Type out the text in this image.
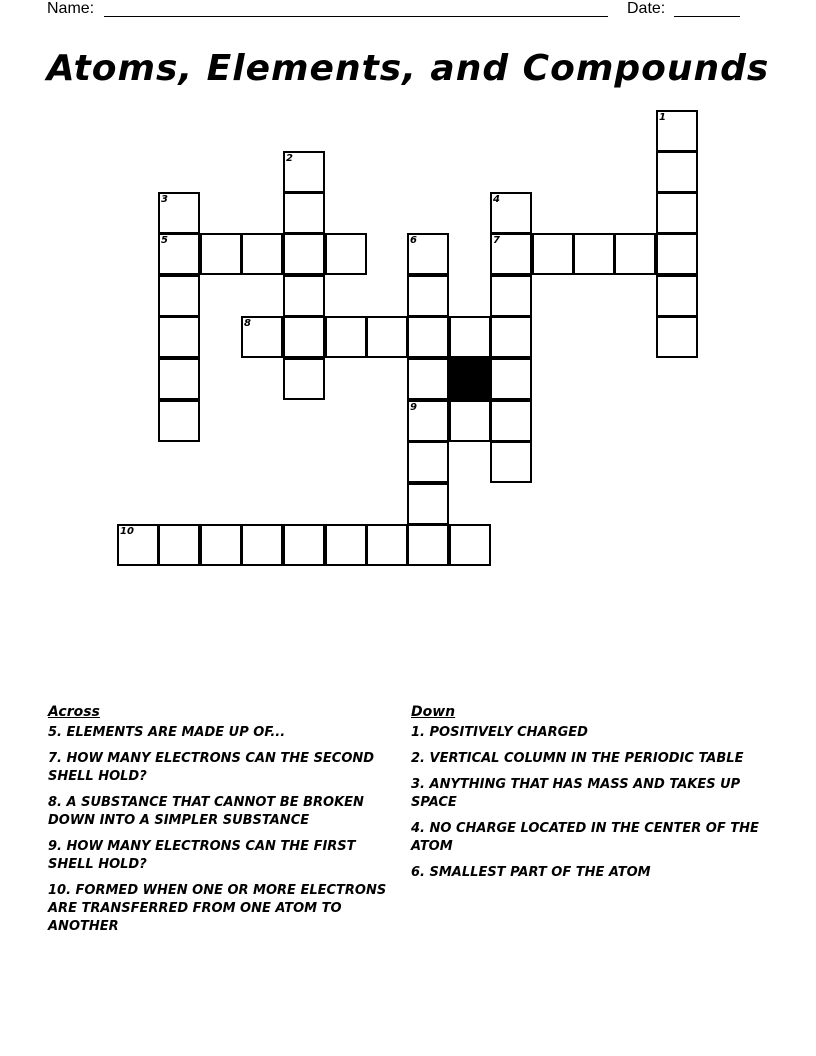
Name:	Date:
Atoms, Elements, and Compounds
1
2
3
5
4
7
6
9
8
10
Across
5. ELEMENTS ARE MADE UP OF...
7. HOW MANY ELECTRONS CAN THE SECOND SHELL HOLD?
8. A SUBSTANCE THAT CANNOT BE BROKEN DOWN INTO A SIMPLER SUBSTANCE
9. HOW MANY ELECTRONS CAN THE FIRST SHELL HOLD?
10. FORMED WHEN ONE OR MORE ELECTRONS ARE TRANSFERRED FROM ONE ATOM TO ANOTHER
Down
1. POSITIVELY CHARGED
2. VERTICAL COLUMN IN THE PERIODIC TABLE
3. ANYTHING THAT HAS MASS AND TAKES UP SPACE
4. NO CHARGE LOCATED IN THE CENTER OF THE ATOM
6. SMALLEST PART OF THE ATOM
